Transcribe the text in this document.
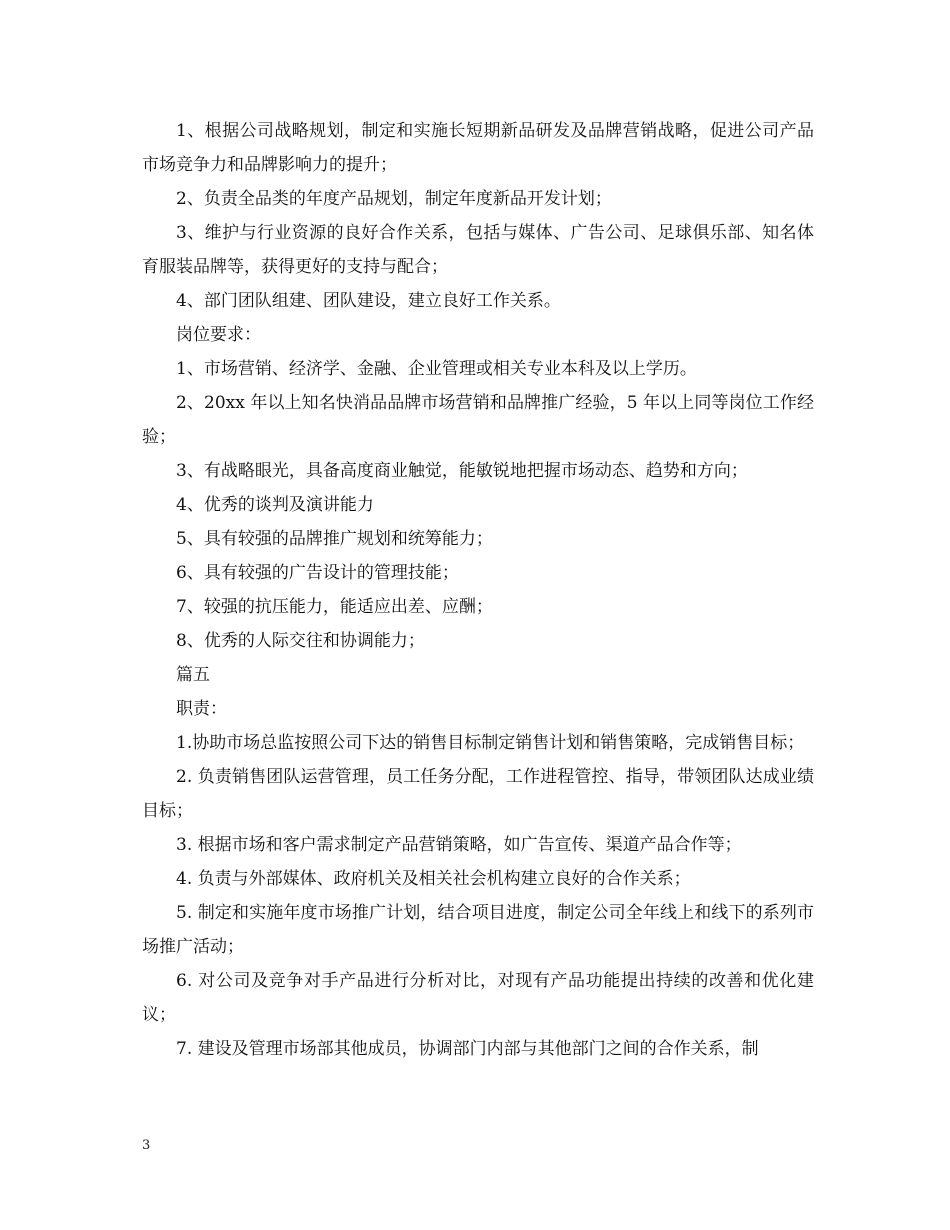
1、根据公司战略规划，制定和实施长短期新品研发及品牌营销战略，促进公司产品市场竞争力和品牌影响力的提升；

2、负责全品类的年度产品规划，制定年度新品开发计划；

3、维护与行业资源的良好合作关系，包括与媒体、广告公司、足球俱乐部、知名体育服装品牌等，获得更好的支持与配合；

4、部门团队组建、团队建设，建立良好工作关系。

岗位要求：

1、市场营销、经济学、金融、企业管理或相关专业本科及以上学历。

2、20xx 年以上知名快消品品牌市场营销和品牌推广经验，5 年以上同等岗位工作经验；

3、有战略眼光，具备高度商业触觉，能敏锐地把握市场动态、趋势和方向；

4、优秀的谈判及演讲能力

5、具有较强的品牌推广规划和统筹能力；

6、具有较强的广告设计的管理技能；

7、较强的抗压能力，能适应出差、应酬；

8、优秀的人际交往和协调能力；

篇五

职责：

1.协助市场总监按照公司下达的销售目标制定销售计划和销售策略，完成销售目标；

2. 负责销售团队运营管理，员工任务分配，工作进程管控、指导，带领团队达成业绩目标；

3. 根据市场和客户需求制定产品营销策略，如广告宣传、渠道产品合作等；

4. 负责与外部媒体、政府机关及相关社会机构建立良好的合作关系；

5. 制定和实施年度市场推广计划，结合项目进度，制定公司全年线上和线下的系列市场推广活动；

6. 对公司及竞争对手产品进行分析对比，对现有产品功能提出持续的改善和优化建议；

7. 建设及管理市场部其他成员，协调部门内部与其他部门之间的合作关系，制

3
